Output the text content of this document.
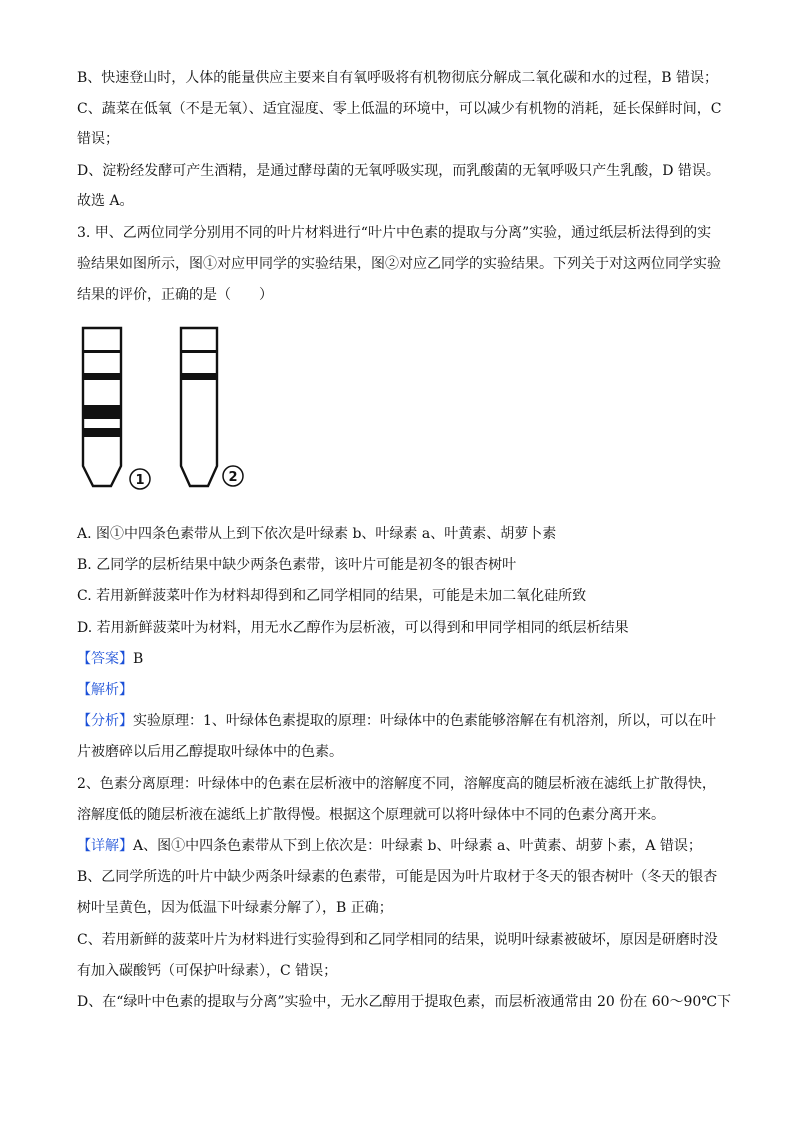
B、快速登山时，人体的能量供应主要来自有氧呼吸将有机物彻底分解成二氧化碳和水的过程，B 错误；
C、蔬菜在低氧（不是无氧）、适宜湿度、零上低温的环境中，可以减少有机物的消耗，延长保鲜时间，C
错误；
D、淀粉经发酵可产生酒精，是通过酵母菌的无氧呼吸实现，而乳酸菌的无氧呼吸只产生乳酸，D 错误。
故选 A。
3. 甲、乙两位同学分别用不同的叶片材料进行“叶片中色素的提取与分离”实验，通过纸层析法得到的实
验结果如图所示，图①对应甲同学的实验结果，图②对应乙同学的实验结果。下列关于对这两位同学实验
结果的评价，正确的是（　　）
1	2
A. 图①中四条色素带从上到下依次是叶绿素 b、叶绿素 a、叶黄素、胡萝卜素
B. 乙同学的层析结果中缺少两条色素带，该叶片可能是初冬的银杏树叶
C. 若用新鲜菠菜叶作为材料却得到和乙同学相同的结果，可能是未加二氧化硅所致
D. 若用新鲜菠菜叶为材料，用无水乙醇作为层析液，可以得到和甲同学相同的纸层析结果
【答案】B
【解析】
【分析】实验原理：1、叶绿体色素提取的原理：叶绿体中的色素能够溶解在有机溶剂，所以，可以在叶
片被磨碎以后用乙醇提取叶绿体中的色素。
2、色素分离原理：叶绿体中的色素在层析液中的溶解度不同，溶解度高的随层析液在滤纸上扩散得快，
溶解度低的随层析液在滤纸上扩散得慢。根据这个原理就可以将叶绿体中不同的色素分离开来。
【详解】A、图①中四条色素带从下到上依次是：叶绿素 b、叶绿素 a、叶黄素、胡萝卜素，A 错误；
B、乙同学所选的叶片中缺少两条叶绿素的色素带，可能是因为叶片取材于冬天的银杏树叶（冬天的银杏
树叶呈黄色，因为低温下叶绿素分解了），B 正确；
C、若用新鲜的菠菜叶片为材料进行实验得到和乙同学相同的结果，说明叶绿素被破坏，原因是研磨时没
有加入碳酸钙（可保护叶绿素），C 错误；
D、在“绿叶中色素的提取与分离”实验中，无水乙醇用于提取色素，而层析液通常由 20 份在 60～90℃下
